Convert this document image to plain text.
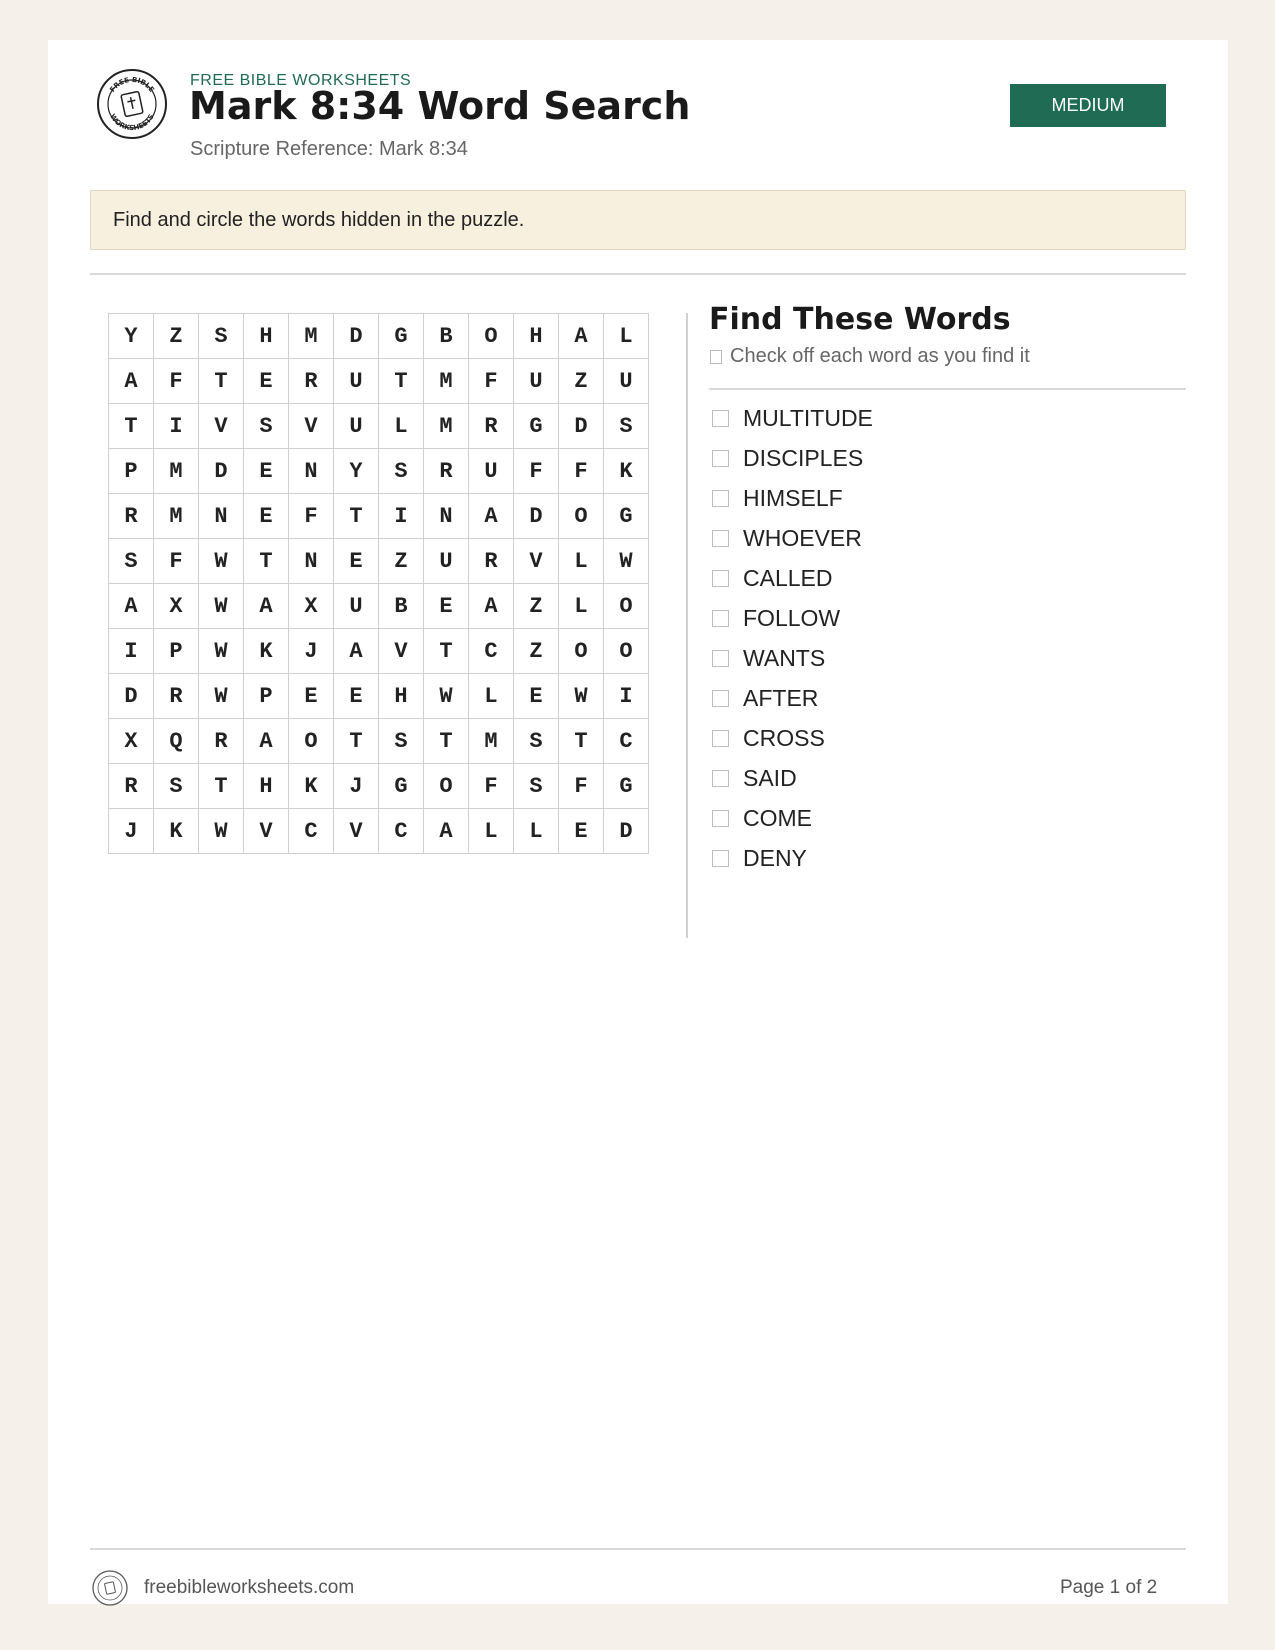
FREE BIBLE
WORKSHEETS
FREE BIBLE WORKSHEETS
Mark 8:34 Word Search
Scripture Reference: Mark 8:34
MEDIUM
Find and circle the words hidden in the puzzle.
Y	Z	S	H	M	D	G	B	O	H	A	L
A	F	T	E	R	U	T	M	F	U	Z	U
T	I	V	S	V	U	L	M	R	G	D	S
P	M	D	E	N	Y	S	R	U	F	F	K
R	M	N	E	F	T	I	N	A	D	O	G
S	F	W	T	N	E	Z	U	R	V	L	W
A	X	W	A	X	U	B	E	A	Z	L	O
I	P	W	K	J	A	V	T	C	Z	O	O
D	R	W	P	E	E	H	W	L	E	W	I
X	Q	R	A	O	T	S	T	M	S	T	C
R	S	T	H	K	J	G	O	F	S	F	G
J	K	W	V	C	V	C	A	L	L	E	D
Find These Words
Check off each word as you find it
MULTITUDE
DISCIPLES
HIMSELF
WHOEVER
CALLED
FOLLOW
WANTS
AFTER
CROSS
SAID
COME
DENY
freebibleworksheets.com	Page 1 of 2
